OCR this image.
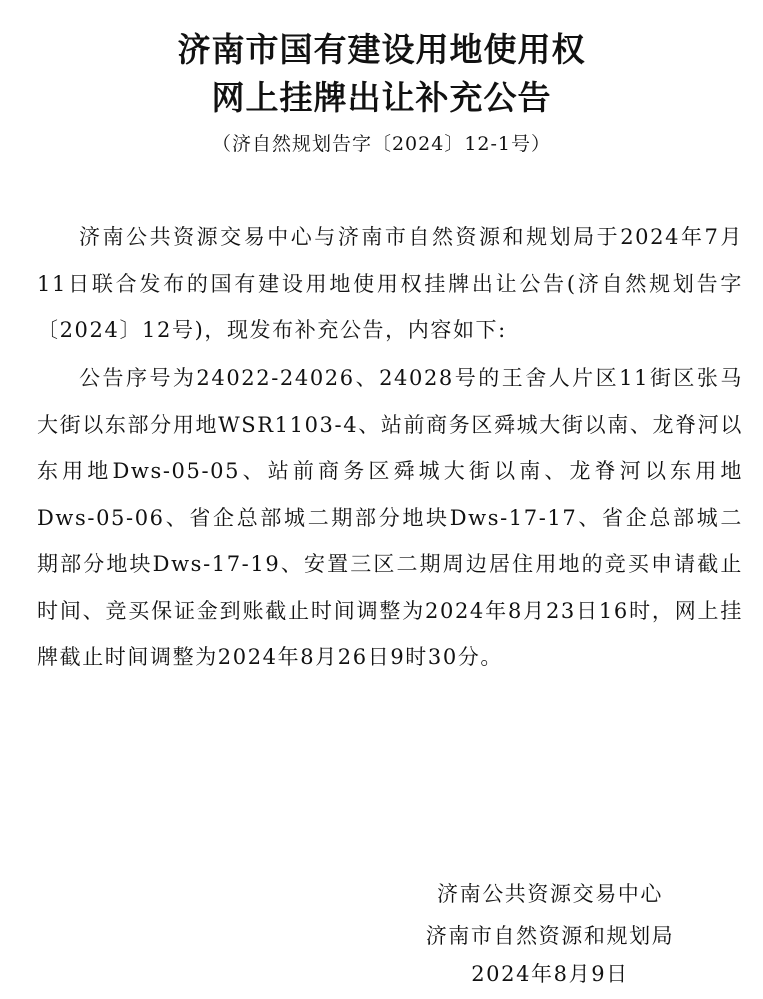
济南市国有建设用地使用权
网上挂牌出让补充公告
（济自然规划告字〔2024〕12-1号）

济南公共资源交易中心与济南市自然资源和规划局于2024年7月11日联合发布的国有建设用地使用权挂牌出让公告(济自然规划告字〔2024〕12号)，现发布补充公告，内容如下:

公告序号为24022-24026、24028号的王舍人片区11街区张马大街以东部分用地WSR1103-4、站前商务区舜城大街以南、龙脊河以东用地Dws-05-05、站前商务区舜城大街以南、龙脊河以东用地Dws-05-06、省企总部城二期部分地块Dws-17-17、省企总部城二期部分地块Dws-17-19、安置三区二期周边居住用地的竞买申请截止时间、竞买保证金到账截止时间调整为2024年8月23日16时，网上挂牌截止时间调整为2024年8月26日9时30分。

济南公共资源交易中心
济南市自然资源和规划局
2024年8月9日
